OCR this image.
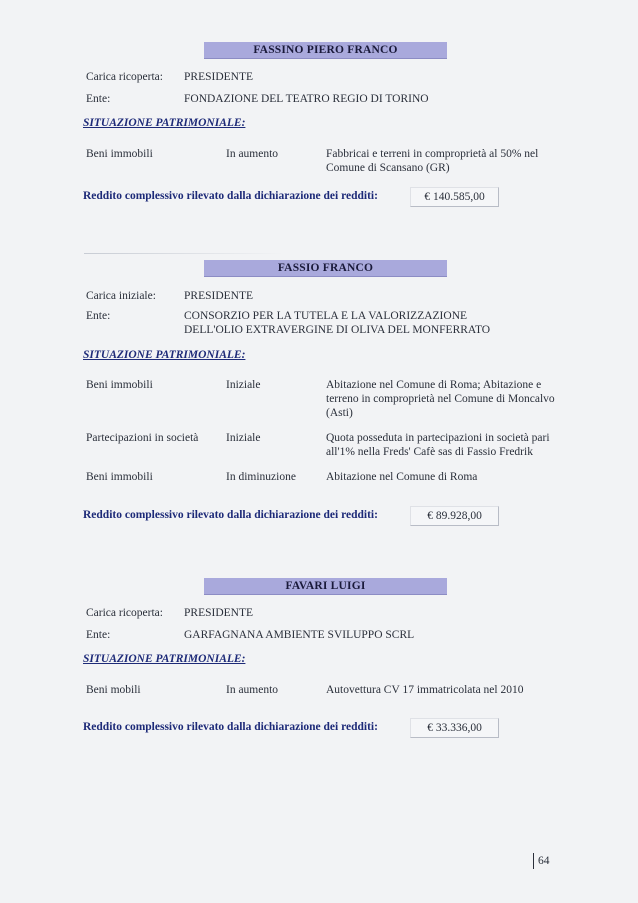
FASSINO PIERO FRANCO
Carica ricoperta: PRESIDENTE
Ente:	FONDAZIONE DEL TEATRO REGIO DI TORINO
SITUAZIONE PATRIMONIALE:
Beni immobili	In aumento	Fabbricai e terreni in comproprietà al 50% nel Comune di Scansano (GR)
Reddito complessivo rilevato dalla dichiarazione dei redditi:	€ 140.585,00
FASSIO FRANCO
Carica iniziale: PRESIDENTE
Ente:	CONSORZIO PER LA TUTELA E LA VALORIZZAZIONE DELL'OLIO EXTRAVERGINE DI OLIVA DEL MONFERRATO
SITUAZIONE PATRIMONIALE:
Beni immobili	Iniziale	Abitazione nel Comune di Roma; Abitazione e terreno in comproprietà nel Comune di Moncalvo (Asti)
Partecipazioni in società	Iniziale	Quota posseduta in partecipazioni in società pari all'1% nella Freds' Cafè sas di Fassio Fredrik
Beni immobili	In diminuzione	Abitazione nel Comune di Roma
Reddito complessivo rilevato dalla dichiarazione dei redditi:	€ 89.928,00
FAVARI LUIGI
Carica ricoperta: PRESIDENTE
Ente:	GARFAGNANA AMBIENTE SVILUPPO SCRL
SITUAZIONE PATRIMONIALE:
Beni mobili	In aumento	Autovettura CV 17 immatricolata nel 2010
Reddito complessivo rilevato dalla dichiarazione dei redditi:	€ 33.336,00
64
